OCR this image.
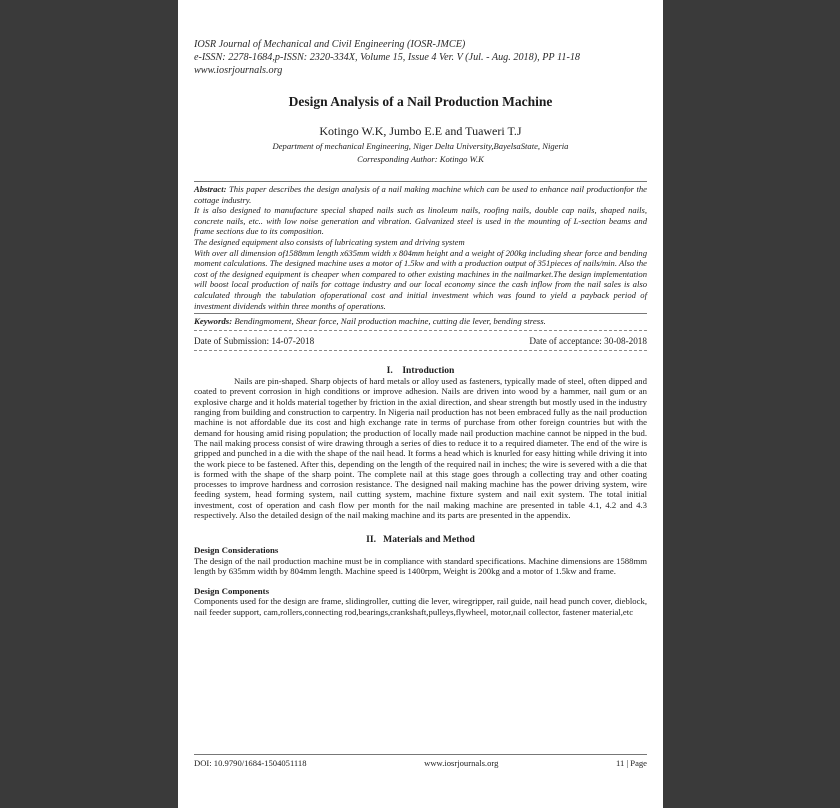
IOSR Journal of Mechanical and Civil Engineering (IOSR-JMCE)
e-ISSN: 2278-1684,p-ISSN: 2320-334X, Volume 15, Issue 4 Ver. V (Jul. - Aug. 2018), PP 11-18
www.iosrjournals.org
Design Analysis of a Nail Production Machine
Kotingo W.K, Jumbo E.E and Tuaweri T.J
Department of mechanical Engineering, Niger Delta University,BayelsaState, Nigeria
Corresponding Author: Kotingo W.K

Abstract: This paper describes the design analysis of a nail making machine which can be used to enhance nail productionfor the cottage industry.

It is also designed to manufacture special shaped nails such as linoleum nails, roofing nails, double cap nails, shaped nails, concrete nails, etc.. with low noise generation and vibration. Galvanized steel is used in the mounting of L-section beams and frame sections due to its composition.

The designed equipment also consists of lubricating system and driving system

With over all dimension of1588mm length x635mm width x 804mm height and a weight of 200kg including shear force and bending moment calculations. The designed machine uses a motor of 1.5kw and with a production output of 351pieces of nails/min. Also the cost of the designed equipment is cheaper when compared to other existing machines in the nailmarket.The design implementation will boost local production of nails for cottage industry and our local economy since the cash inflow from the nail sales is also calculated through the tabulation ofoperational cost and initial investment which was found to yield a payback period of investment dividends within three months of operations.

Keywords: Bendingmoment, Shear force, Nail production machine, cutting die lever, bending stress.
Date of Submission: 14-07-2018	Date of acceptance: 30-08-2018
I.    Introduction

Nails are pin-shaped. Sharp objects of hard metals or alloy used as fasteners, typically made of steel, often dipped and coated to prevent corrosion in high conditions or improve adhesion. Nails are driven into wood by a hammer, nail gum or an explosive charge and it holds material together by friction in the axial direction, and shear strength but mostly used in the industry ranging from building and construction to carpentry. In Nigeria nail production has not been embraced fully as the nail production machine is not affordable due its cost and high exchange rate in terms of purchase from other foreign countries but with the demand for housing amid rising population; the production of locally made nail production machine cannot be nipped in the bud. The nail making process consist of wire drawing through a series of dies to reduce it to a required diameter. The end of the wire is gripped and punched in a die with the shape of the nail head. It forms a head which is knurled for easy hitting while driving it into the work piece to be fastened. After this, depending on the length of the required nail in inches; the wire is severed with a die that is formed with the shape of the sharp point. The complete nail at this stage goes through a collecting tray and other coating processes to improve hardness and corrosion resistance. The designed nail making machine has the power driving system, wire feeding system, head forming system, nail cutting system, machine fixture system and nail exit system. The total initial investment, cost of operation and cash flow per month for the nail making machine are presented in table 4.1, 4.2 and 4.3 respectively. Also the detailed design of the nail making machine and its parts are presented in the appendix.

II.   Materials and Method
Design Considerations

The design of the nail production machine must be in compliance with standard specifications. Machine dimensions are 1588mm length by 635mm width by 804mm length. Machine speed is 1400rpm, Weight is 200kg and a motor of 1.5kw and frame.

Design Components

Components used for the design are frame, slidingroller, cutting die lever, wiregripper, rail guide, nail head punch cover, dieblock, nail feeder support, cam,rollers,connecting rod,bearings,crankshaft,pulleys,flywheel, motor,nail collector, fastener material,etc

DOI: 10.9790/1684-1504051118	www.iosrjournals.org	11 | Page
